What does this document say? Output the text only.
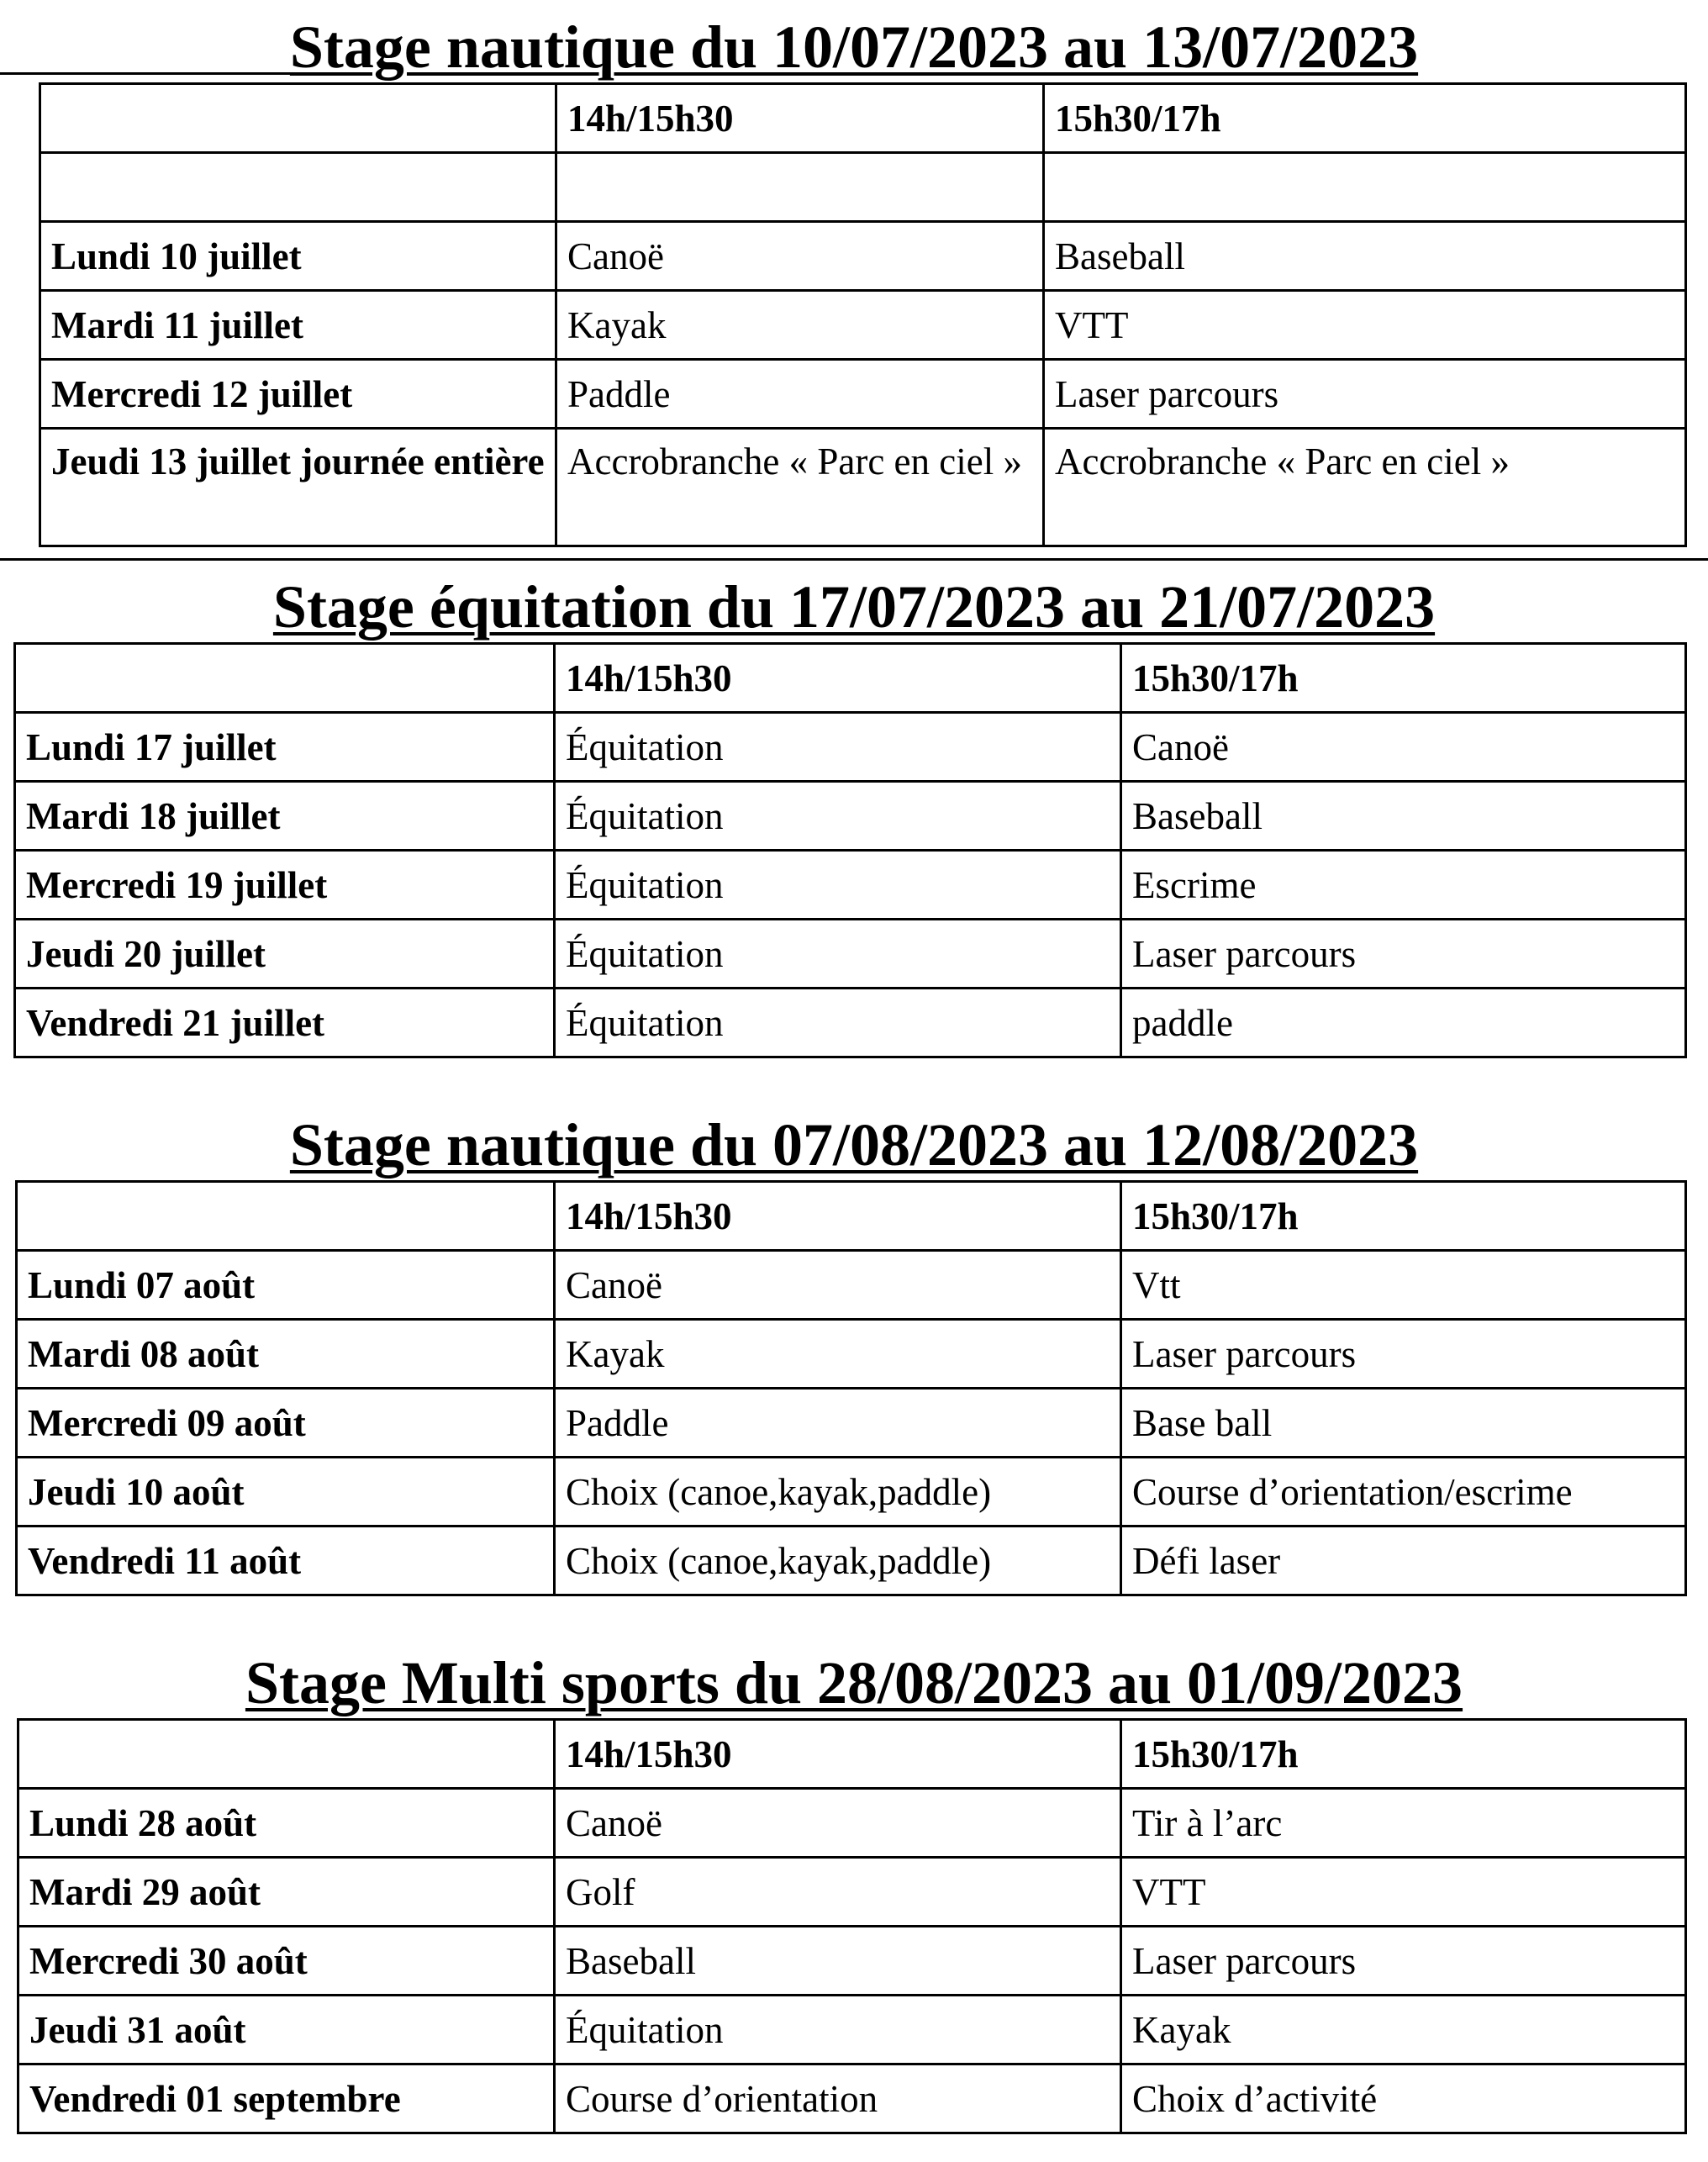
Stage nautique du 10/07/2023 au 13/07/2023
	14h/15h30	15h30/17h

Lundi 10 juillet	Canoë	Baseball
Mardi 11 juillet	Kayak	VTT
Mercredi 12 juillet	Paddle	Laser parcours
Jeudi 13 juillet journée entière	Accrobranche « Parc en ciel »	Accrobranche « Parc en ciel »
Stage équitation du 17/07/2023 au 21/07/2023
	14h/15h30	15h30/17h
Lundi 17 juillet	Équitation	Canoë
Mardi 18 juillet	Équitation	Baseball
Mercredi 19 juillet	Équitation	Escrime
Jeudi 20 juillet	Équitation	Laser parcours
Vendredi 21 juillet	Équitation	paddle
Stage nautique du 07/08/2023 au 12/08/2023
	14h/15h30	15h30/17h
Lundi 07 août	Canoë	Vtt
Mardi 08 août	Kayak	Laser parcours
Mercredi 09 août	Paddle	Base ball
Jeudi 10 août	Choix (canoe,kayak,paddle)	Course d’orientation/escrime
Vendredi 11 août	Choix (canoe,kayak,paddle)	Défi laser
Stage Multi sports du 28/08/2023 au 01/09/2023
	14h/15h30	15h30/17h
Lundi 28 août	Canoë	Tir à l’arc
Mardi 29 août	Golf	VTT
Mercredi 30 août	Baseball	Laser parcours
Jeudi 31 août	Équitation	Kayak
Vendredi 01 septembre	Course d’orientation	Choix d’activité
